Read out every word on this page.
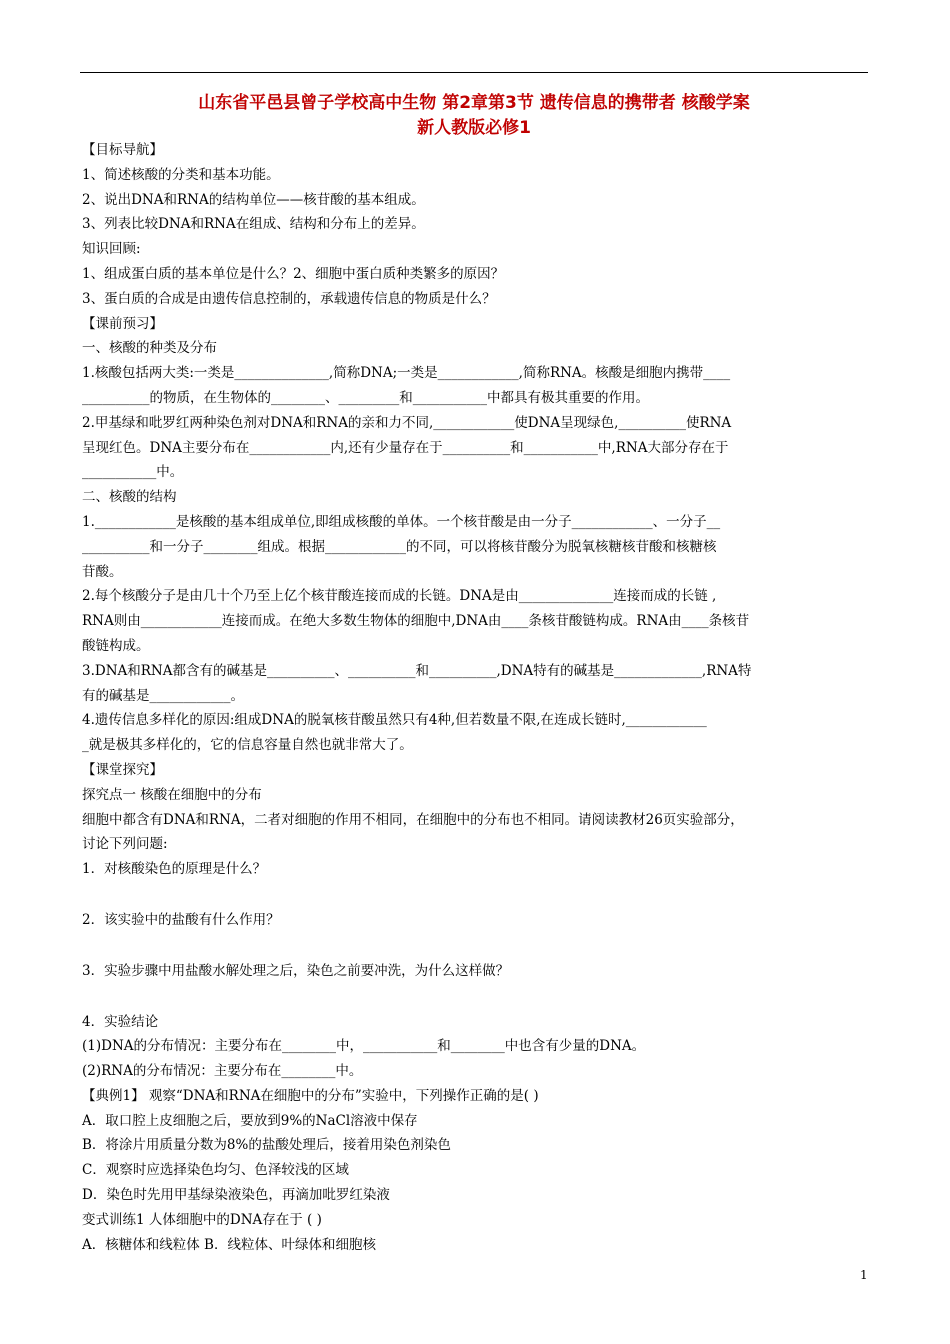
山东省平邑县曾子学校高中生物 第2章第3节 遗传信息的携带者 核酸学案
新人教版必修1
【目标导航】
1、简述核酸的分类和基本功能。
2、说出DNA和RNA的结构单位——核苷酸的基本组成。
3、列表比较DNA和RNA在组成、结构和分布上的差异。
知识回顾:
1、组成蛋白质的基本单位是什么？2、细胞中蛋白质种类繁多的原因？
3、蛋白质的合成是由遗传信息控制的，承载遗传信息的物质是什么？
【课前预习】
一、核酸的种类及分布
1.核酸包括两大类:一类是______________,简称DNA;一类是____________,简称RNA。核酸是细胞内携带____
__________的物质，在生物体的________、_________和___________中都具有极其重要的作用。
2.甲基绿和吡罗红两种染色剂对DNA和RNA的亲和力不同,____________使DNA呈现绿色,__________使RNA
呈现红色。DNA主要分布在____________内,还有少量存在于__________和___________中,RNA大部分存在于
___________中。
二、核酸的结构
1.____________是核酸的基本组成单位,即组成核酸的单体。一个核苷酸是由一分子____________、一分子__
__________和一分子________组成。根据____________的不同，可以将核苷酸分为脱氧核糖核苷酸和核糖核
苷酸。
2.每个核酸分子是由几十个乃至上亿个核苷酸连接而成的长链。DNA是由______________连接而成的长链 ,
RNA则由____________连接而成。在绝大多数生物体的细胞中,DNA由____条核苷酸链构成。RNA由____条核苷
酸链构成。
3.DNA和RNA都含有的碱基是__________、__________和__________,DNA特有的碱基是_____________,RNA特
有的碱基是____________。
4.遗传信息多样化的原因:组成DNA的脱氧核苷酸虽然只有4种,但若数量不限,在连成长链时,____________
_就是极其多样化的，它的信息容量自然也就非常大了。
【课堂探究】
探究点一 核酸在细胞中的分布
细胞中都含有DNA和RNA，二者对细胞的作用不相同，在细胞中的分布也不相同。请阅读教材26页实验部分，
讨论下列问题:
1．对核酸染色的原理是什么？
2．该实验中的盐酸有什么作用？
3．实验步骤中用盐酸水解处理之后，染色之前要冲洗，为什么这样做？
4．实验结论
(1)DNA的分布情况：主要分布在________中，___________和________中也含有少量的DNA。
(2)RNA的分布情况：主要分布在________中。
【典例1】 观察“DNA和RNA在细胞中的分布”实验中，下列操作正确的是( )
A．取口腔上皮细胞之后，要放到9%的NaCl溶液中保存
B．将涂片用质量分数为8%的盐酸处理后，接着用染色剂染色
C．观察时应选择染色均匀、色泽较浅的区域
D．染色时先用甲基绿染液染色，再滴加吡罗红染液
变式训练1 人体细胞中的DNA存在于 ( )
A．核糖体和线粒体 B．线粒体、叶绿体和细胞核
1
